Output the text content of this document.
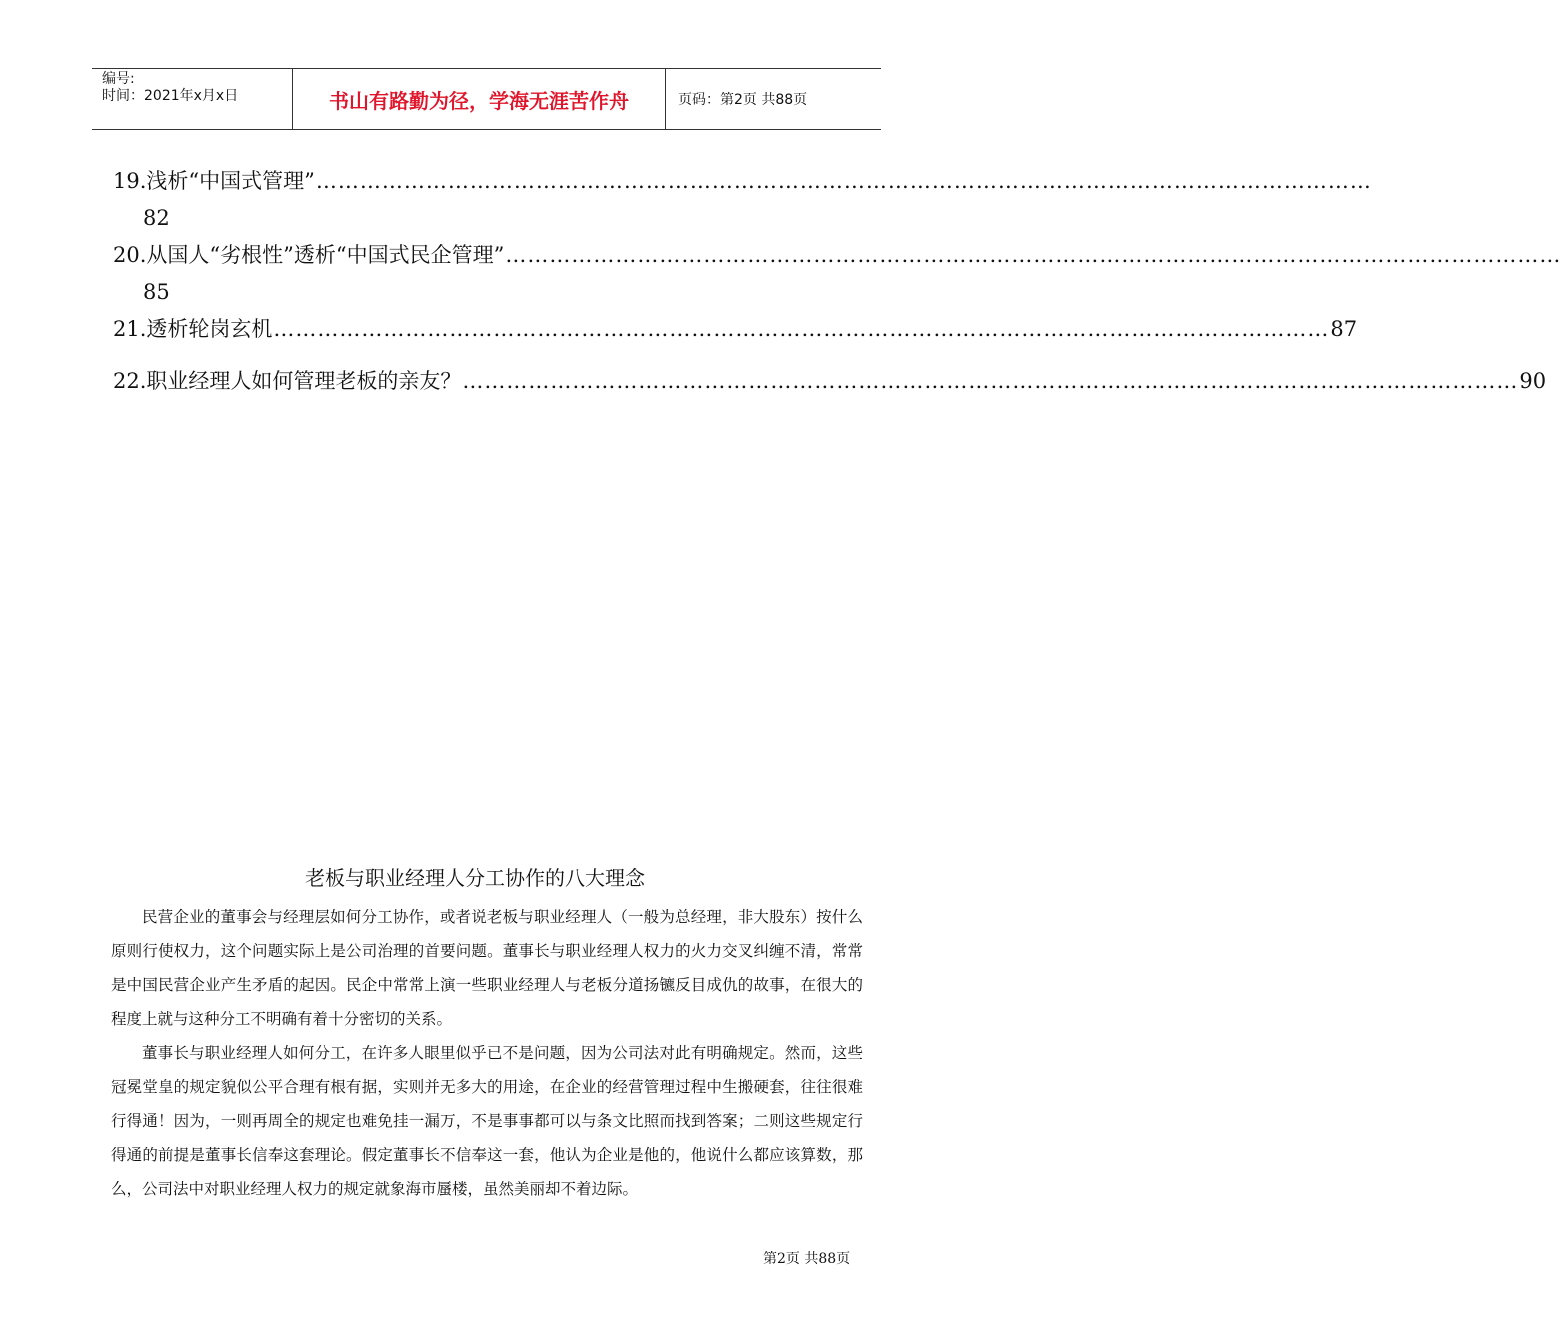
编号:
时间：2021年x月x日	书山有路勤为径，学海无涯苦作舟	页码：第2页 共88页
19.浅析“中国式管理” ………………………………………………………………………………………………………………………………
82
20.从国人“劣根性”透析“中国式民企管理” ………………………………………………………………………………………………………………………………
85
21.透析轮岗玄机 ……………………………………………………………………………………………………………………………… 87
22.职业经理人如何管理老板的亲友？ ……………………………………………………………………………………………………………………………… 90
老板与职业经理人分工协作的八大理念

民营企业的董事会与经理层如何分工协作，或者说老板与职业经理人（一般为总经理，非大股东）按什么原则行使权力，这个问题实际上是公司治理的首要问题。董事长与职业经理人权力的火力交叉纠缠不清，常常是中国民营企业产生矛盾的起因。民企中常常上演一些职业经理人与老板分道扬镳反目成仇的故事，在很大的程度上就与这种分工不明确有着十分密切的关系。

董事长与职业经理人如何分工，在许多人眼里似乎已不是问题，因为公司法对此有明确规定。然而，这些冠冕堂皇的规定貌似公平合理有根有据，实则并无多大的用途，在企业的经营管理过程中生搬硬套，往往很难行得通！因为，一则再周全的规定也难免挂一漏万，不是事事都可以与条文比照而找到答案；二则这些规定行得通的前提是董事长信奉这套理论。假定董事长不信奉这一套，他认为企业是他的，他说什么都应该算数，那么，公司法中对职业经理人权力的规定就象海市蜃楼，虽然美丽却不着边际。

第2页 共88页
